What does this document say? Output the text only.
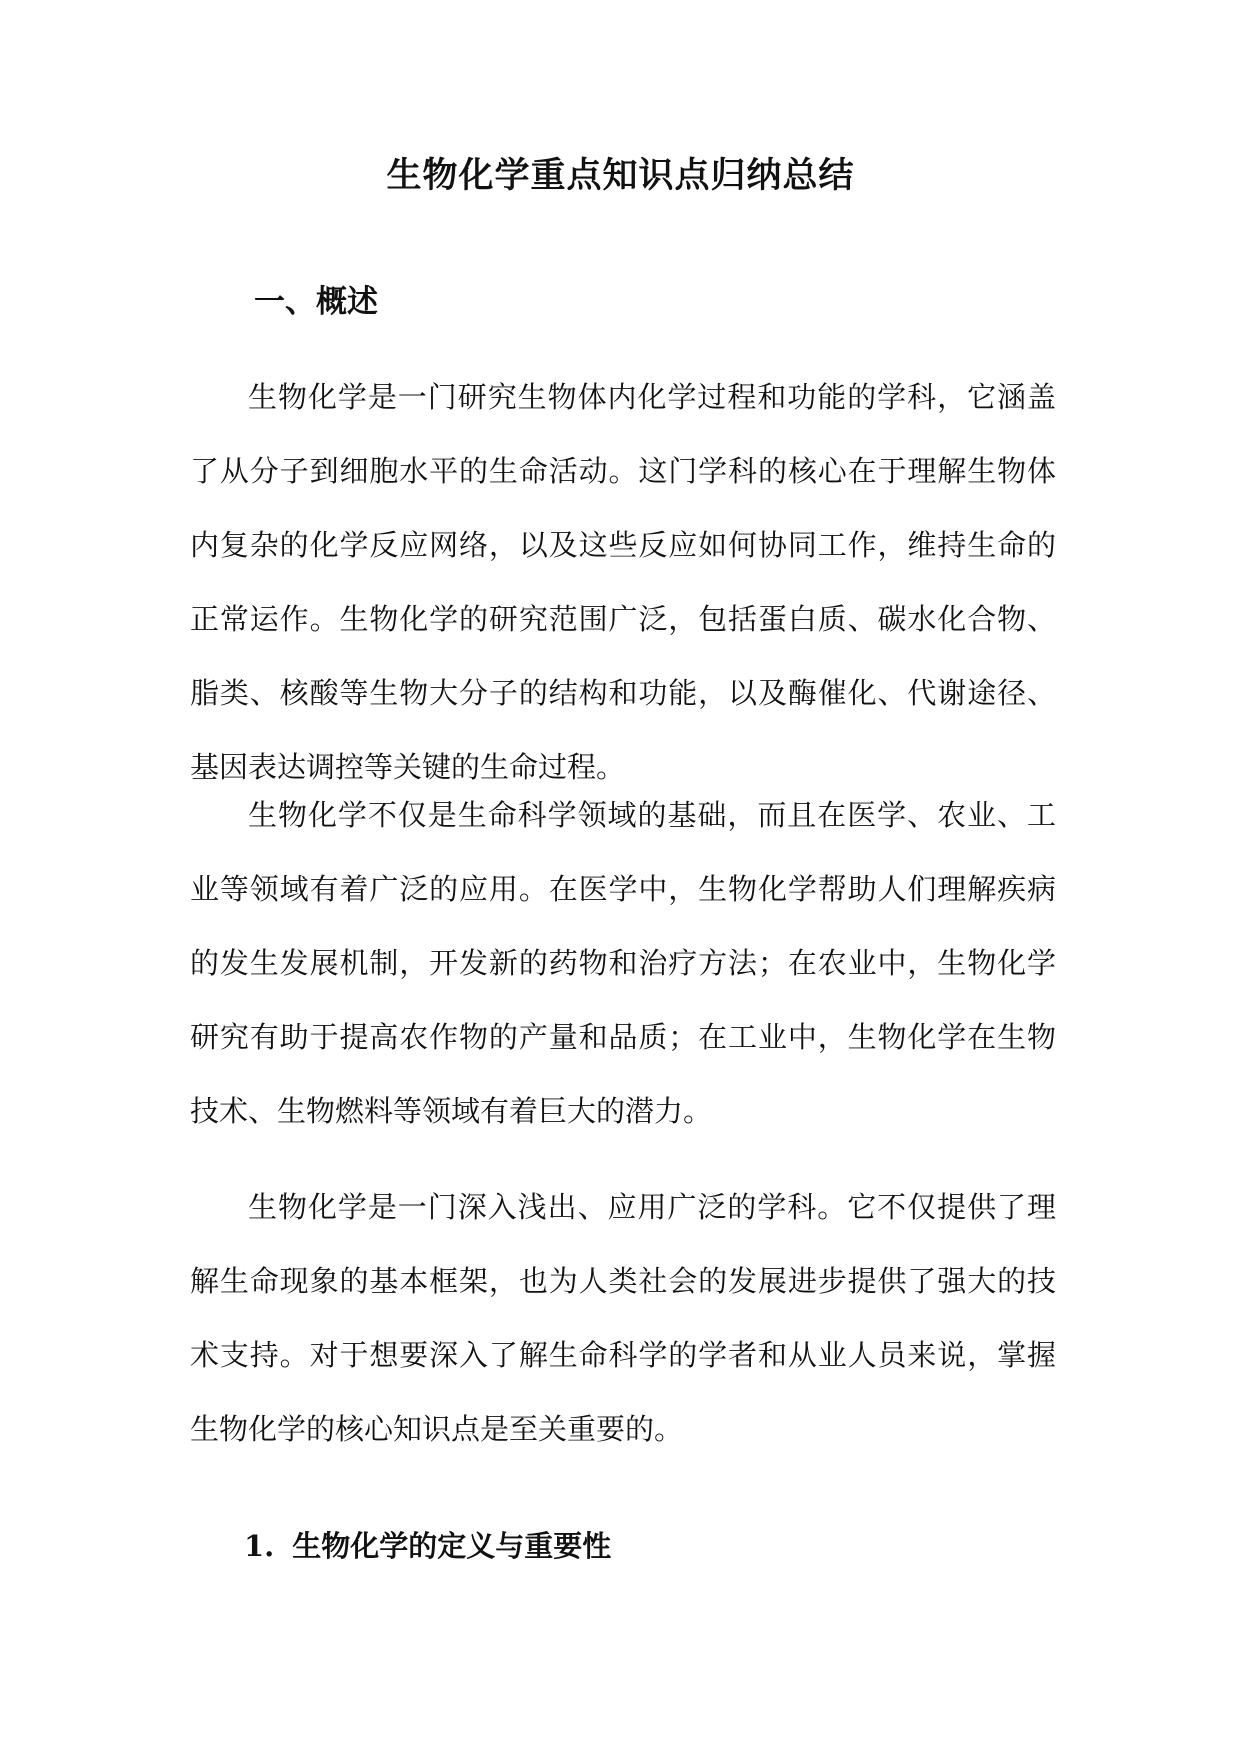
生物化学重点知识点归纳总结
一、概述

生物化学是一门研究生物体内化学过程和功能的学科，它涵盖了从分子到细胞水平的生命活动。这门学科的核心在于理解生物体内复杂的化学反应网络，以及这些反应如何协同工作，维持生命的正常运作。生物化学的研究范围广泛，包括蛋白质、碳水化合物、脂类、核酸等生物大分子的结构和功能，以及酶催化、代谢途径、基因表达调控等关键的生命过程。

生物化学不仅是生命科学领域的基础，而且在医学、农业、工业等领域有着广泛的应用。在医学中，生物化学帮助人们理解疾病的发生发展机制，开发新的药物和治疗方法；在农业中，生物化学研究有助于提高农作物的产量和品质；在工业中，生物化学在生物技术、生物燃料等领域有着巨大的潜力。

生物化学是一门深入浅出、应用广泛的学科。它不仅提供了理解生命现象的基本框架，也为人类社会的发展进步提供了强大的技术支持。对于想要深入了解生命科学的学者和从业人员来说，掌握生物化学的核心知识点是至关重要的。

1. 生物化学的定义与重要性
